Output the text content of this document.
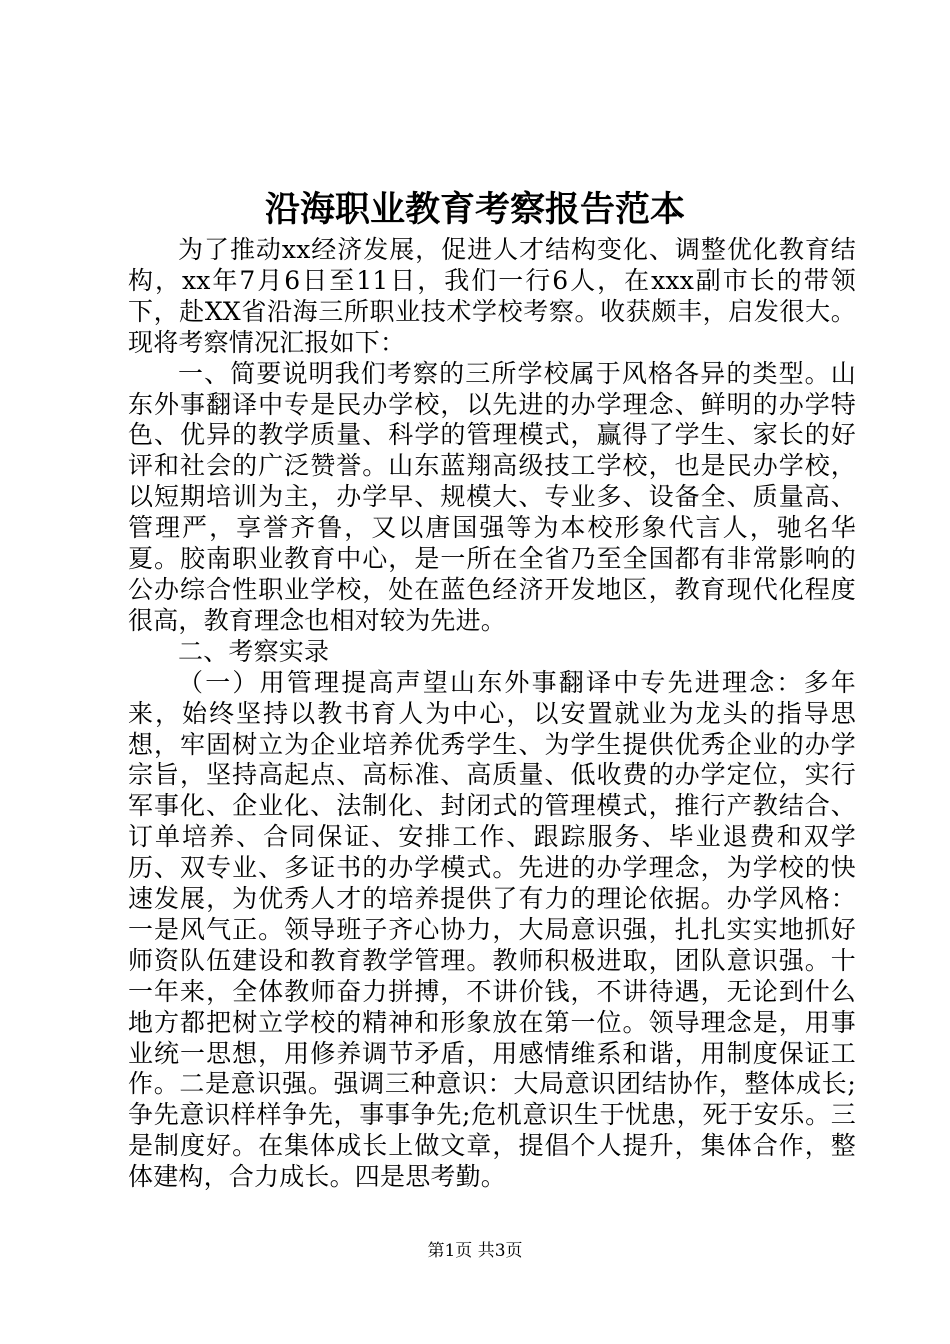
沿海职业教育考察报告范本

为了推动xx经济发展，促进人才结构变化、调整优化教育结构，xx年7月6日至11日，我们一行6人，在xxx副市长的带领下，赴XX省沿海三所职业技术学校考察。收获颇丰，启发很大。现将考察情况汇报如下：

一、简要说明我们考察的三所学校属于风格各异的类型。山东外事翻译中专是民办学校，以先进的办学理念、鲜明的办学特色、优异的教学质量、科学的管理模式，赢得了学生、家长的好评和社会的广泛赞誉。山东蓝翔高级技工学校，也是民办学校，以短期培训为主，办学早、规模大、专业多、设备全、质量高、管理严，享誉齐鲁，又以唐国强等为本校形象代言人，驰名华夏。胶南职业教育中心，是一所在全省乃至全国都有非常影响的公办综合性职业学校，处在蓝色经济开发地区，教育现代化程度很高，教育理念也相对较为先进。

二、考察实录

（一）用管理提高声望山东外事翻译中专先进理念：多年来，始终坚持以教书育人为中心，以安置就业为龙头的指导思想，牢固树立为企业培养优秀学生、为学生提供优秀企业的办学宗旨，坚持高起点、高标准、高质量、低收费的办学定位，实行军事化、企业化、法制化、封闭式的管理模式，推行产教结合、订单培养、合同保证、安排工作、跟踪服务、毕业退费和双学历、双专业、多证书的办学模式。先进的办学理念，为学校的快速发展，为优秀人才的培养提供了有力的理论依据。办学风格：一是风气正。领导班子齐心协力，大局意识强，扎扎实实地抓好师资队伍建设和教育教学管理。教师积极进取，团队意识强。十一年来，全体教师奋力拼搏，不讲价钱，不讲待遇，无论到什么地方都把树立学校的精神和形象放在第一位。领导理念是，用事业统一思想，用修养调节矛盾，用感情维系和谐，用制度保证工作。二是意识强。强调三种意识：大局意识团结协作，整体成长;争先意识样样争先，事事争先;危机意识生于忧患，死于安乐。三是制度好。在集体成长上做文章，提倡个人提升，集体合作，整体建构，合力成长。四是思考勤。

第1页 共3页
